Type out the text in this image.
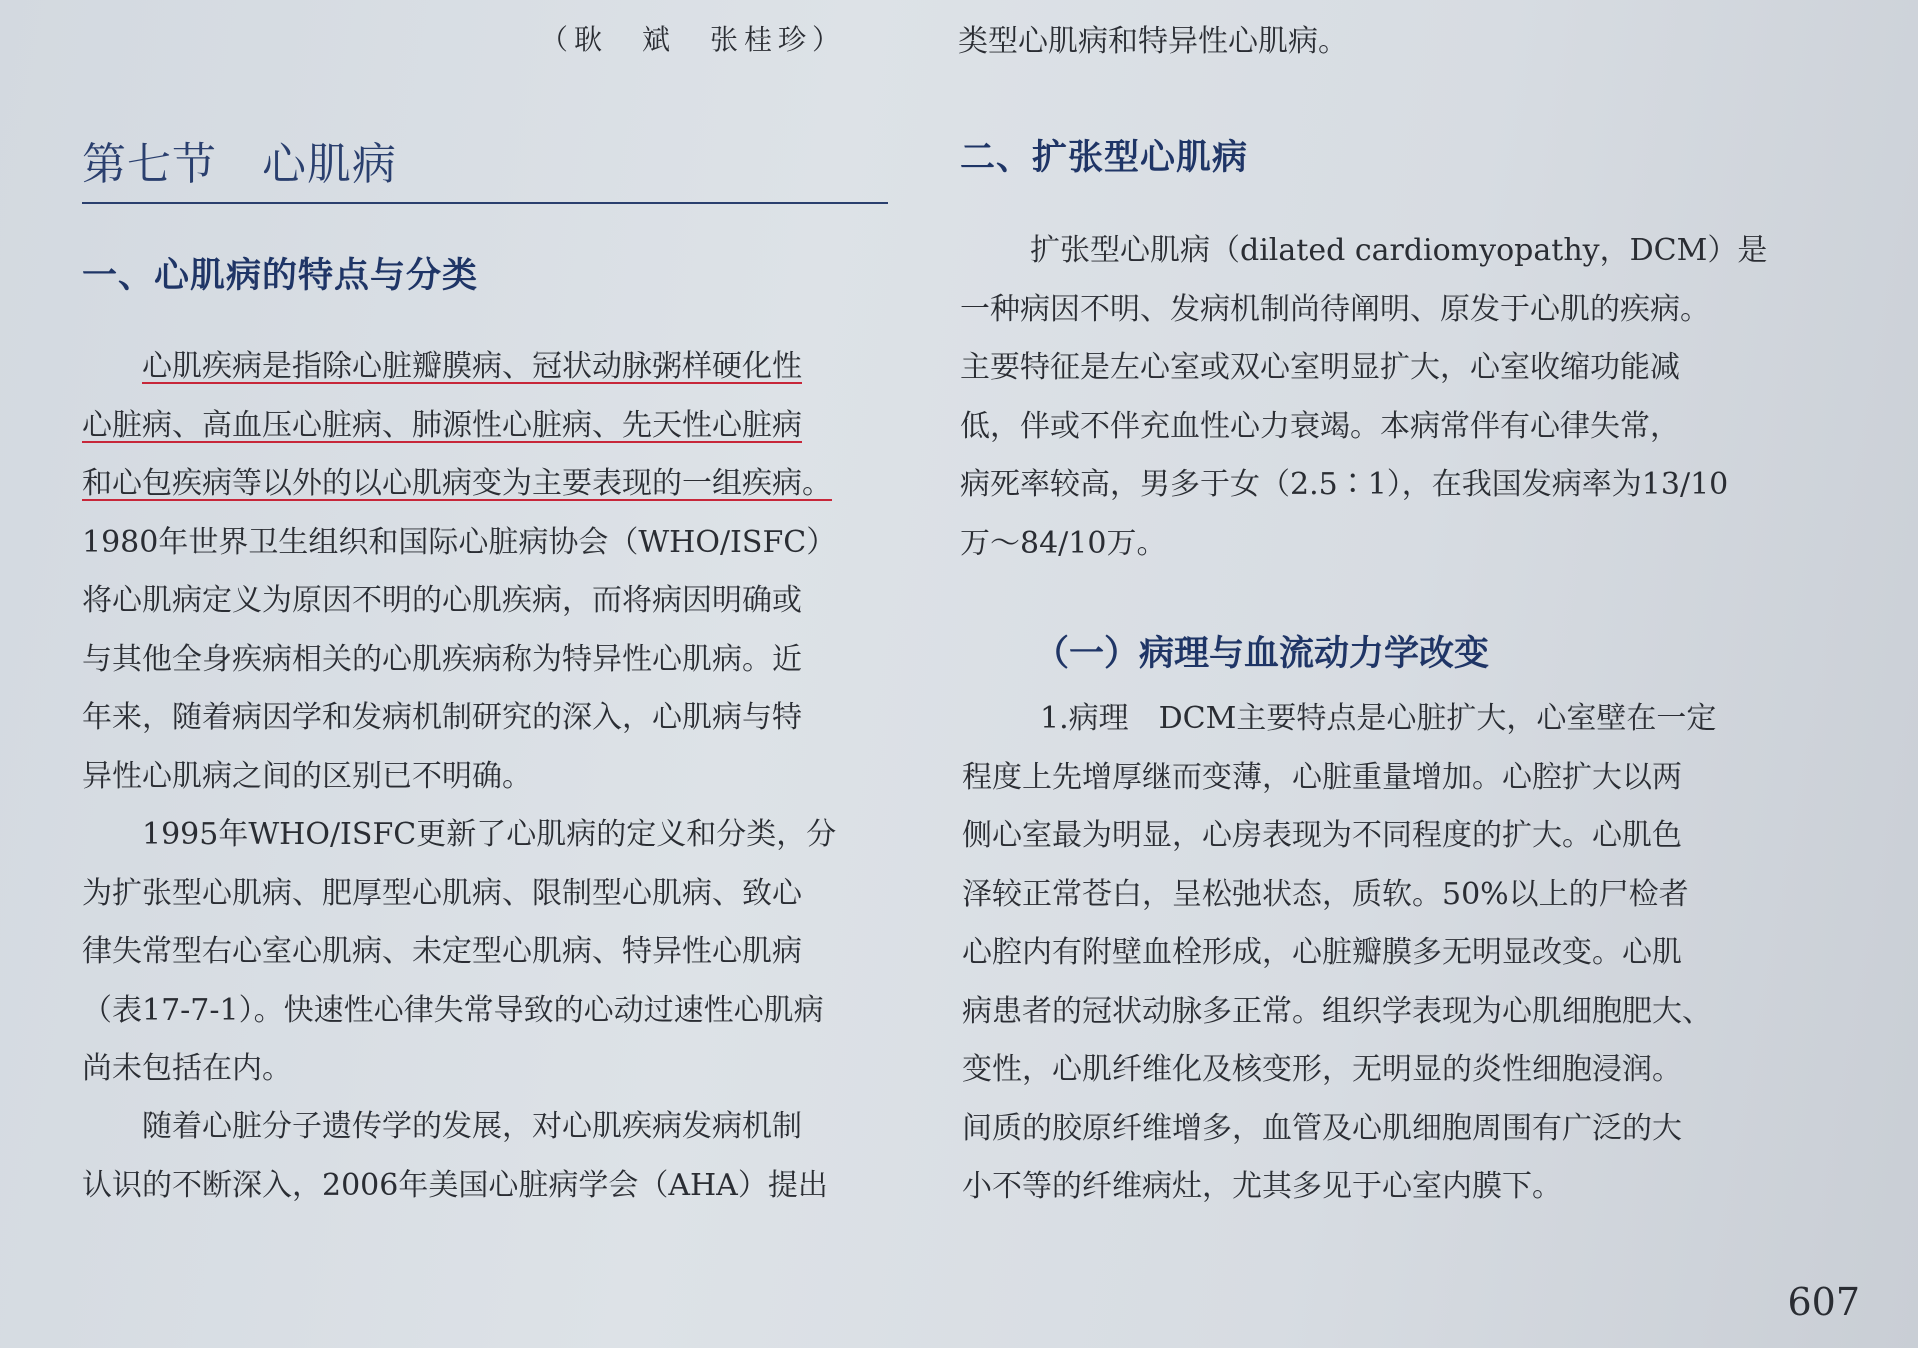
（耿　斌　张桂珍）	类型心肌病和特异性心肌病。
第七节　心肌病
一、心肌病的特点与分类
心肌疾病是指除心脏瓣膜病、冠状动脉粥样硬化性
心脏病、高血压心脏病、肺源性心脏病、先天性心脏病
和心包疾病等以外的以心肌病变为主要表现的一组疾病。
1980年世界卫生组织和国际心脏病协会（WHO/ISFC）
将心肌病定义为原因不明的心肌疾病，而将病因明确或
与其他全身疾病相关的心肌疾病称为特异性心肌病。近
年来，随着病因学和发病机制研究的深入，心肌病与特
异性心肌病之间的区别已不明确。
1995年WHO/ISFC更新了心肌病的定义和分类，分
为扩张型心肌病、肥厚型心肌病、限制型心肌病、致心
律失常型右心室心肌病、未定型心肌病、特异性心肌病
（表17-7-1）。快速性心律失常导致的心动过速性心肌病
尚未包括在内。
随着心脏分子遗传学的发展，对心肌疾病发病机制
认识的不断深入，2006年美国心脏病学会（AHA）提出
二、扩张型心肌病
扩张型心肌病（dilated cardiomyopathy，DCM）是
一种病因不明、发病机制尚待阐明、原发于心肌的疾病。
主要特征是左心室或双心室明显扩大，心室收缩功能减
低，伴或不伴充血性心力衰竭。本病常伴有心律失常，
病死率较高，男多于女（2.5∶1），在我国发病率为13/10
万～84/10万。
（一）病理与血流动力学改变
1.病理　DCM主要特点是心脏扩大，心室壁在一定
程度上先增厚继而变薄，心脏重量增加。心腔扩大以两
侧心室最为明显，心房表现为不同程度的扩大。心肌色
泽较正常苍白，呈松弛状态，质软。50%以上的尸检者
心腔内有附壁血栓形成，心脏瓣膜多无明显改变。心肌
病患者的冠状动脉多正常。组织学表现为心肌细胞肥大、
变性，心肌纤维化及核变形，无明显的炎性细胞浸润。
间质的胶原纤维增多，血管及心肌细胞周围有广泛的大
小不等的纤维病灶，尤其多见于心室内膜下。
607
